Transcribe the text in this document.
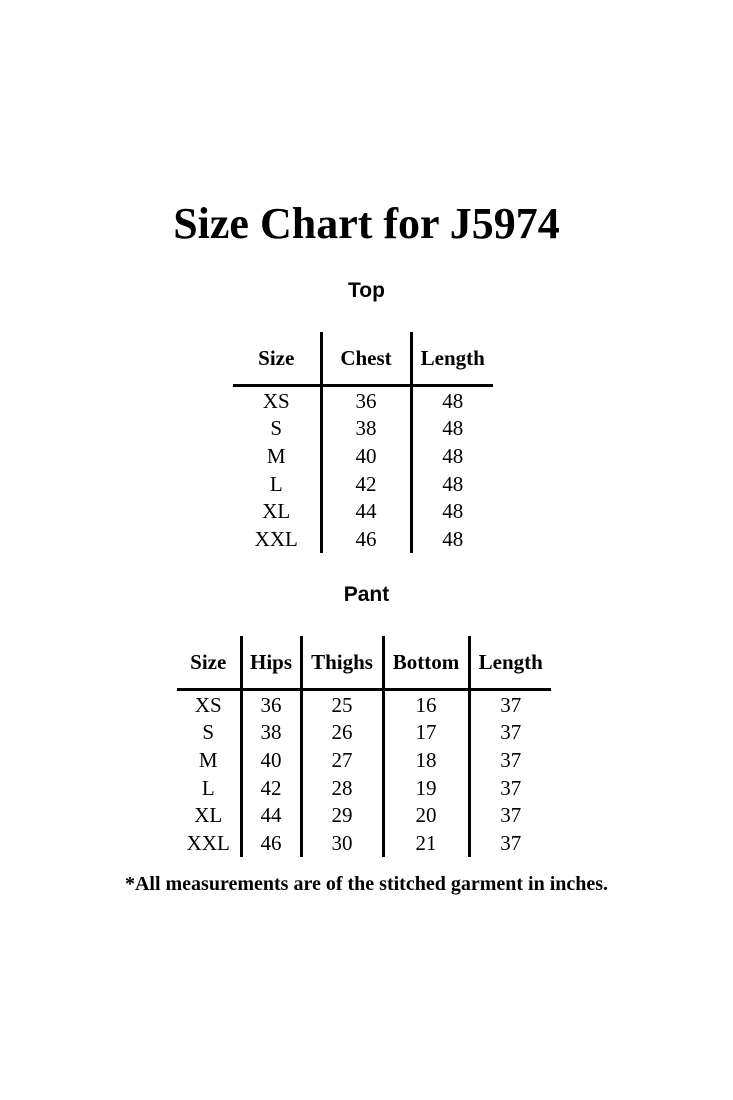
Size Chart for J5974
Top
Size	Chest	Length
XS	36	48
S	38	48
M	40	48
L	42	48
XL	44	48
XXL	46	48
Pant
Size	Hips	Thighs	Bottom	Length
XS	36	25	16	37
S	38	26	17	37
M	40	27	18	37
L	42	28	19	37
XL	44	29	20	37
XXL	46	30	21	37

*All measurements are of the stitched garment in inches.
